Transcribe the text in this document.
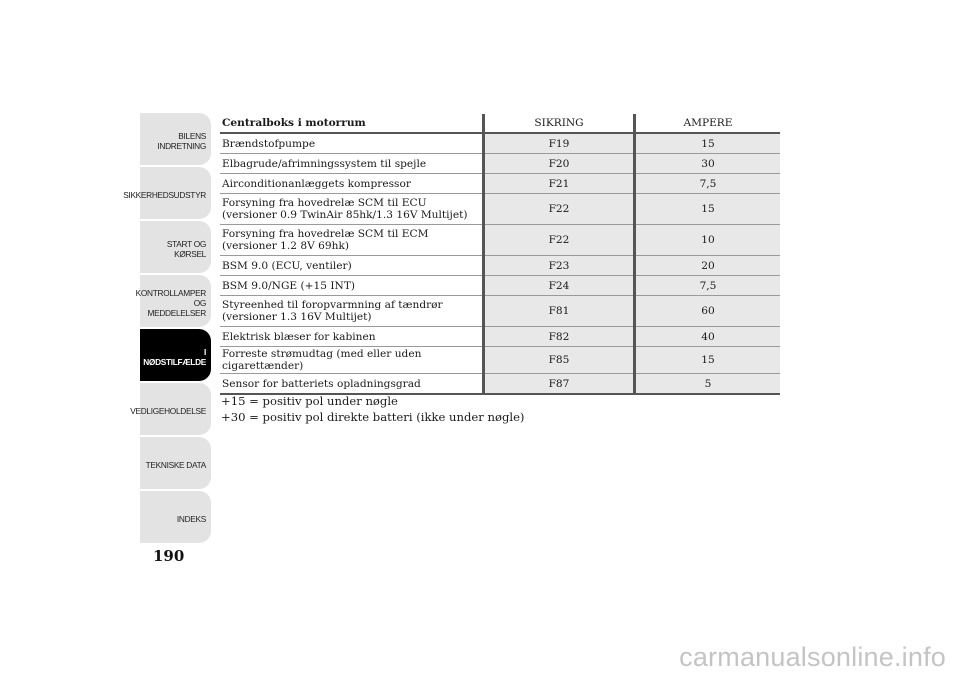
BILENS
INDRETNING
SIKKERHEDSUDSTYR
START OG KØRSEL
KONTROLLAMPER
OG MEDDELELSER
I NØDSTILFÆLDE
VEDLIGEHOLDELSE
TEKNISKE DATA
INDEKS
190
Centralboks i motorrum	SIKRING	AMPERE
Brændstofpumpe	F19	15
Elbagrude/afrimningssystem til spejle	F20	30
Airconditionanlæggets kompressor	F21	7,5
Forsyning fra hovedrelæ SCM til ECU (versioner 0.9 TwinAir 85hk/1.3 16V Multijet)	F22	15
Forsyning fra hovedrelæ SCM til ECM (versioner 1.2 8V 69hk)	F22	10
BSM 9.0 (ECU, ventiler)	F23	20
BSM 9.0/NGE (+15 INT)	F24	7,5
Styreenhed til foropvarmning af tændrør (versioner 1.3 16V Multijet)	F81	60
Elektrisk blæser for kabinen	F82	40
Forreste strømudtag (med eller uden cigarettænder)	F85	15
Sensor for batteriets opladningsgrad	F87	5
+15 = positiv pol under nøgle
+30 = positiv pol direkte batteri (ikke under nøgle)
carmanualsonline.info
